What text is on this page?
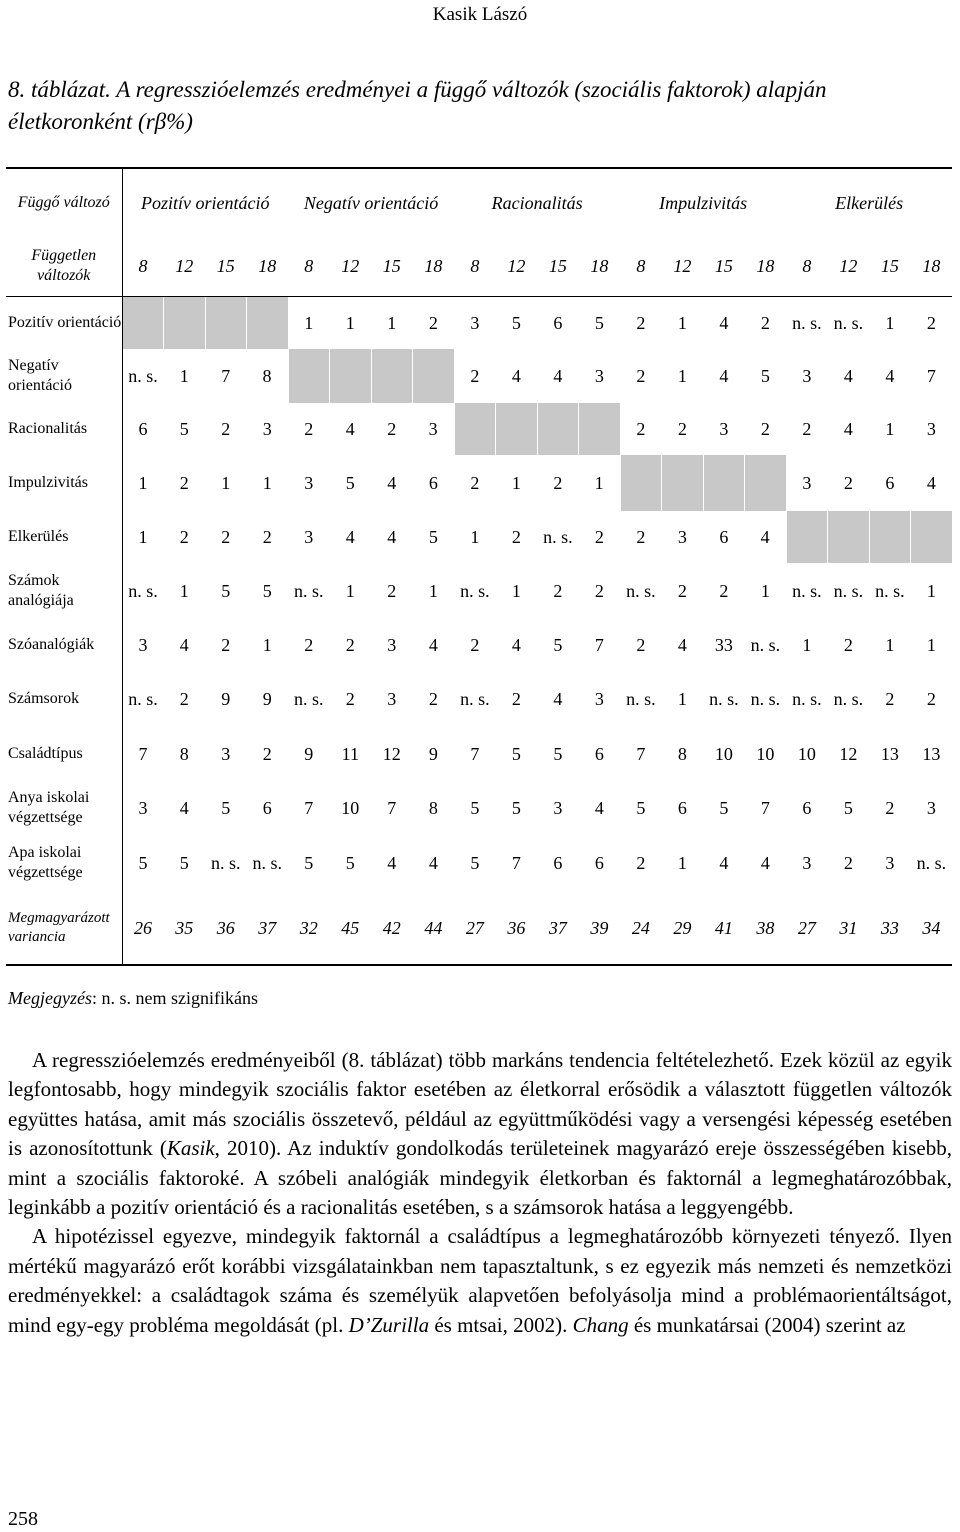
Kasik Lászó
8. táblázat. A regresszióelemzés eredményei a függő változók (szociális faktorok) alapján életkoronként (rβ%)
Függő változó	Pozitív orientáció				Negatív orientáció				Racionalitás				Impulzivitás				Elkerülés			
Független változók	8	12	15	18	8	12	15	18	8	12	15	18	8	12	15	18	8	12	15	18
Pozitív orientáció					1	1	1	2	3	5	6	5	2	1	4	2	n. s.	n. s.	1	2
Negatív orientáció	n. s.	1	7	8					2	4	4	3	2	1	4	5	3	4	4	7
Racionalitás	6	5	2	3	2	4	2	3					2	2	3	2	2	4	1	3
Impulzivitás	1	2	1	1	3	5	4	6	2	1	2	1					3	2	6	4
Elkerülés	1	2	2	2	3	4	4	5	1	2	n. s.	2	2	3	6	4				
Számok analógiája	n. s.	1	5	5	n. s.	1	2	1	n. s.	1	2	2	n. s.	2	2	1	n. s.	n. s.	n. s.	1
Szóanalógiák	3	4	2	1	2	2	3	4	2	4	5	7	2	4	33	n. s.	1	2	1	1
Számsorok	n. s.	2	9	9	n. s.	2	3	2	n. s.	2	4	3	n. s.	1	n. s.	n. s.	n. s.	n. s.	2	2
Családtípus	7	8	3	2	9	11	12	9	7	5	5	6	7	8	10	10	10	12	13	13
Anya iskolai végzettsége	3	4	5	6	7	10	7	8	5	5	3	4	5	6	5	7	6	5	2	3
Apa iskolai végzettsége	5	5	n. s.	n. s.	5	5	4	4	5	7	6	6	2	1	4	4	3	2	3	n. s.
Megmagyarázott variancia	26	35	36	37	32	45	42	44	27	36	37	39	24	29	41	38	27	31	33	34
Megjegyzés: n. s. nem szignifikáns

A regresszióelemzés eredményeiből (8. táblázat) több markáns tendencia feltételezhető. Ezek közül az egyik legfontosabb, hogy mindegyik szociális faktor esetében az életkorral erősödik a választott független változók együttes hatása, amit más szociális összetevő, például az együttműködési vagy a versengési képesség esetében is azonosítottunk (Kasik, 2010). Az induktív gondolkodás területeinek magyarázó ereje összességében kisebb, mint a szociális faktoroké. A szóbeli analógiák mindegyik életkorban és faktornál a legmeghatározóbbak, leginkább a pozitív orientáció és a racionalitás esetében, s a számsorok hatása a leggyengébb.

A hipotézissel egyezve, mindegyik faktornál a családtípus a legmeghatározóbb környezeti tényező. Ilyen mértékű magyarázó erőt korábbi vizsgálatainkban nem tapasztaltunk, s ez egyezik más nemzeti és nemzetközi eredményekkel: a családtagok száma és személyük alapvetően befolyásolja mind a problémaorientáltságot, mind egy-egy probléma megoldását (pl. D’Zurilla és mtsai, 2002). Chang és munkatársai (2004) szerint az

258
